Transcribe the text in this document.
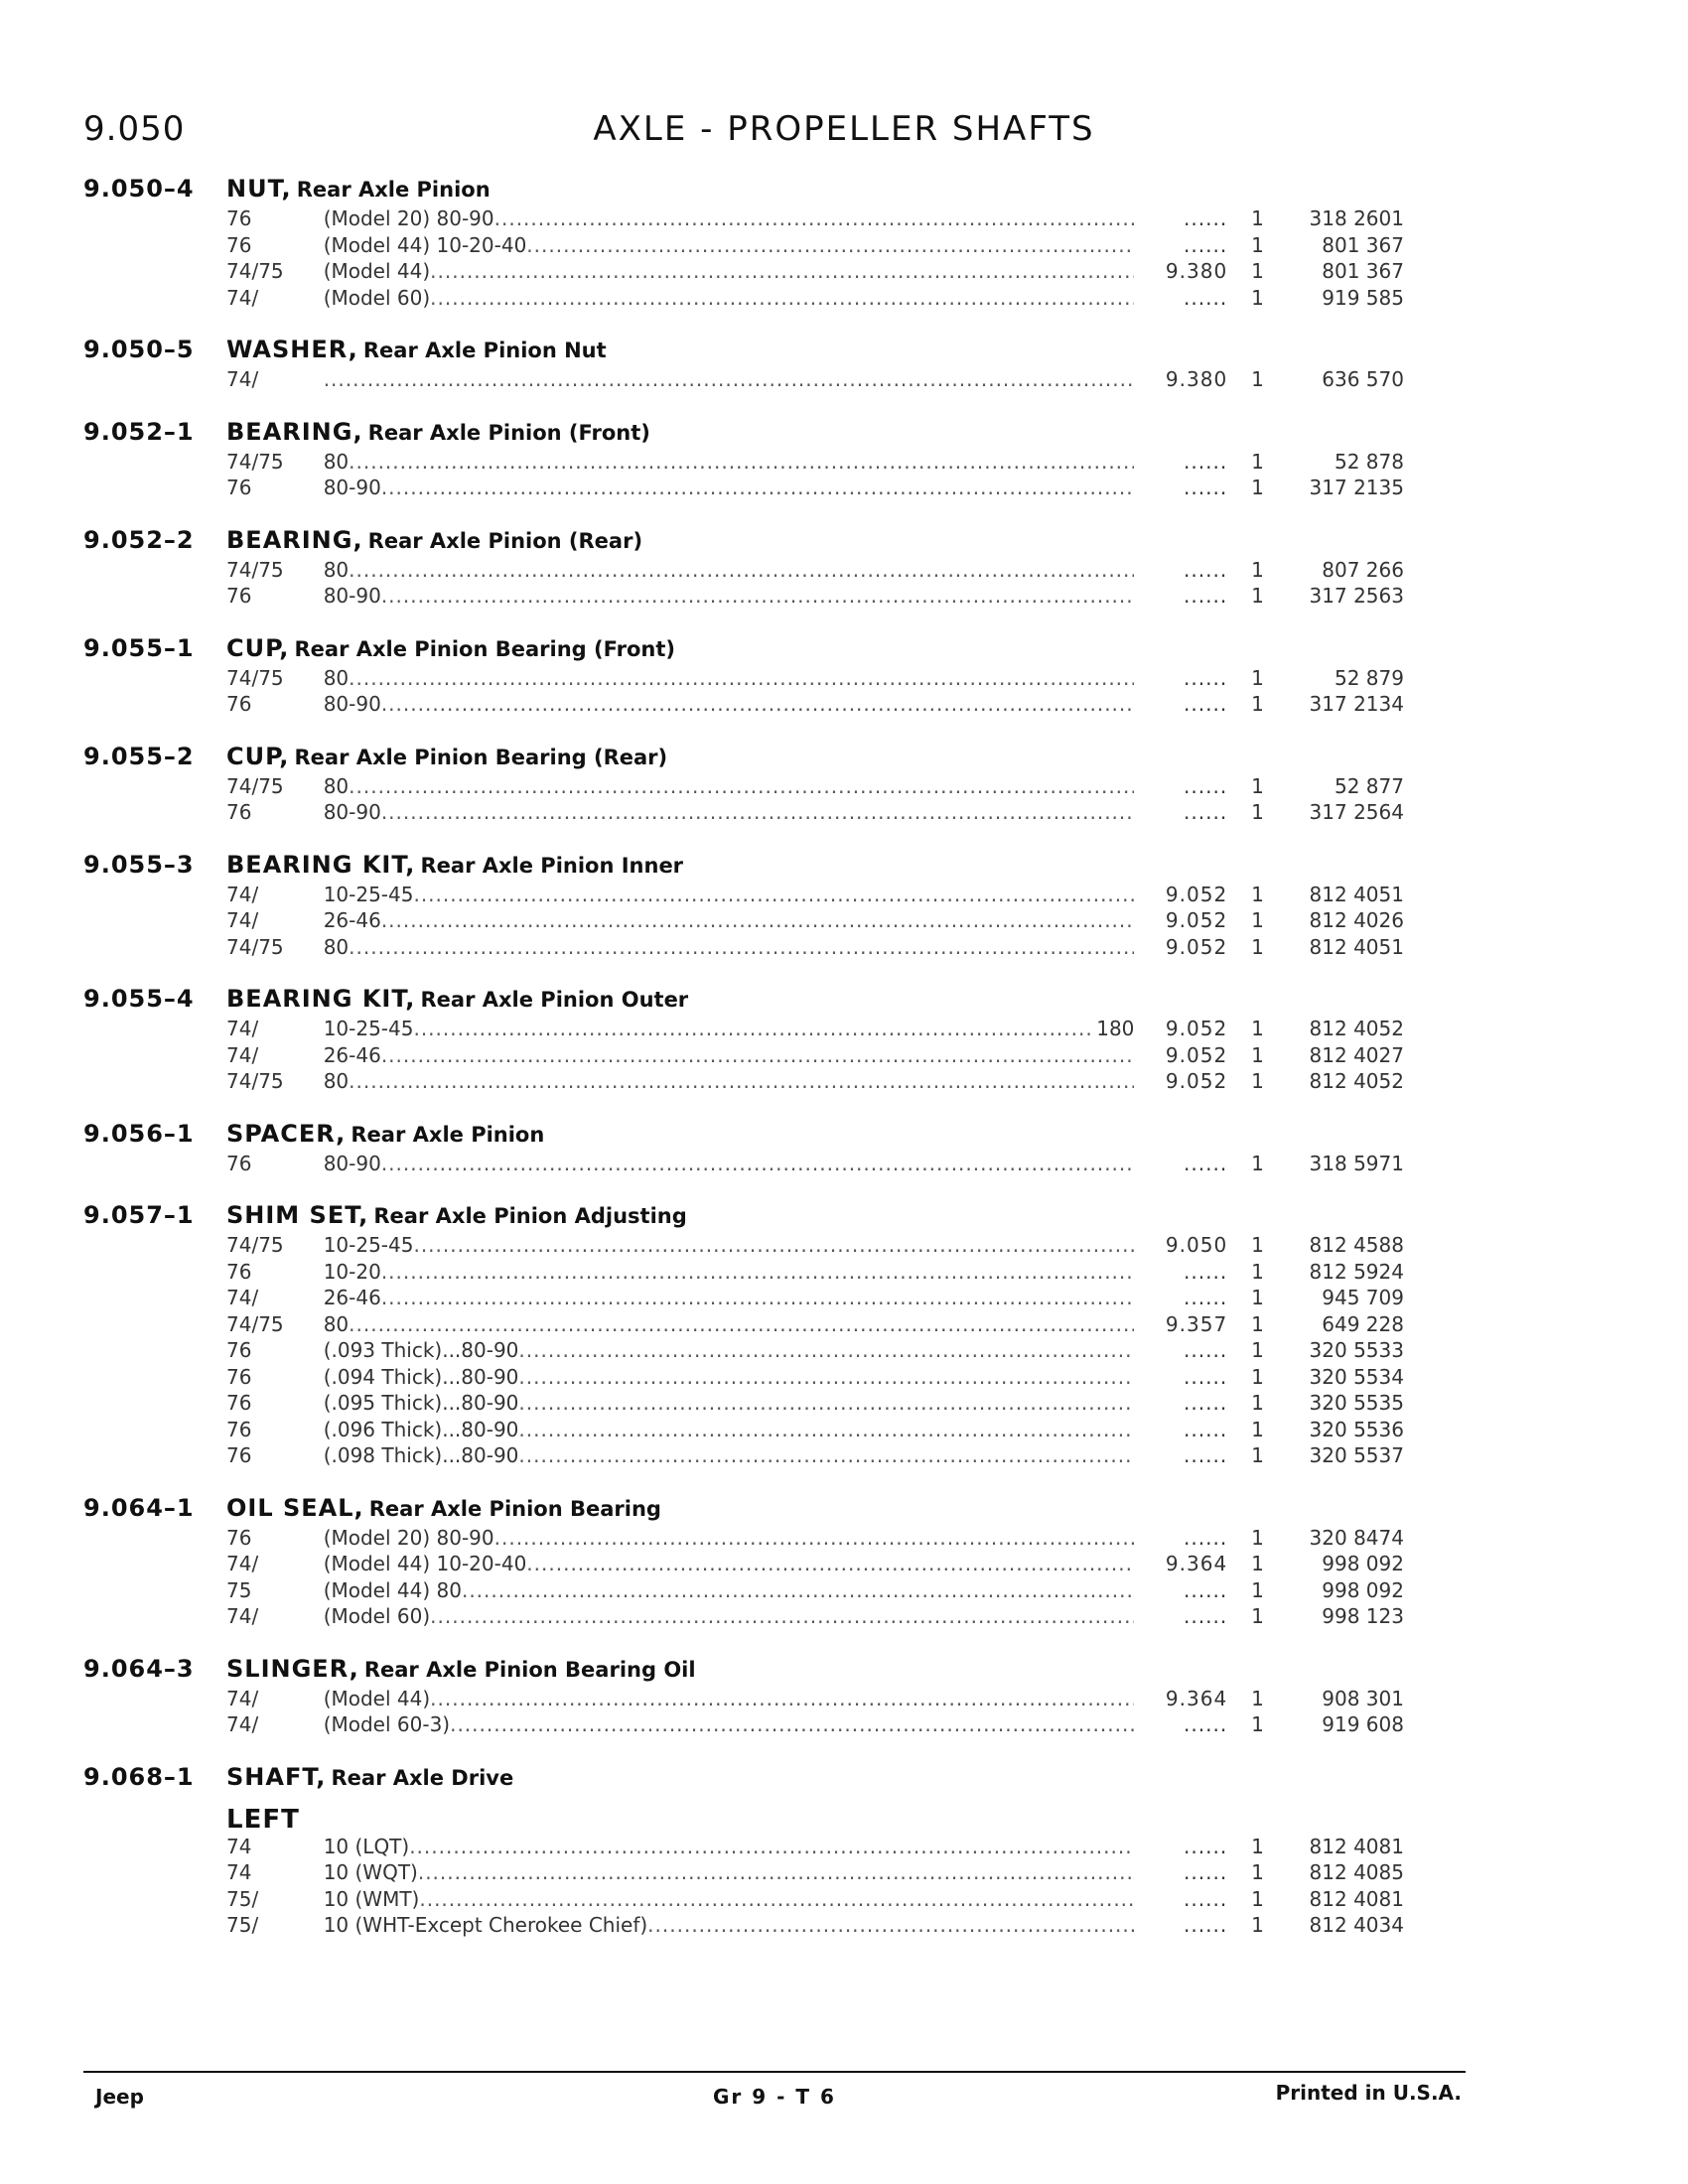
9.050	AXLE - PROPELLER SHAFTS
9.050–4	NUT,
Rear Axle Pinion
76	(Model 20) 80-90 .....	......	1	318 2601
76	(Model 44) 10-20-40 .....	......	1	801 367
74/75	(Model 44) .....	9.380	1	801 367
74/	(Model 60) .....	......	1	919 585
9.050–5	WASHER,
Rear Axle Pinion Nut
74/ .....	9.380	1	636 570
9.052–1	BEARING,
Rear Axle Pinion (Front)
74/75	80 .....	......	1	52 878
76	80-90 .....	......	1	317 2135
9.052–2	BEARING,
Rear Axle Pinion (Rear)
74/75	80 .....	......	1	807 266
76	80-90 .....	......	1	317 2563
9.055–1	CUP,
Rear Axle Pinion Bearing (Front)
74/75	80 .....	......	1	52 879
76	80-90 .....	......	1	317 2134
9.055–2	CUP,
Rear Axle Pinion Bearing (Rear)
74/75	80 .....	......	1	52 877
76	80-90 .....	......	1	317 2564
9.055–3	BEARING KIT,
Rear Axle Pinion Inner
74/	10-25-45 .....	9.052	1	812 4051
74/	26-46 .....	9.052	1	812 4026
74/75	80 .....	9.052	1	812 4051
9.055–4	BEARING KIT,
Rear Axle Pinion Outer
74/	10-25-45 .....	180	9.052	1	812 4052
74/	26-46 .....	9.052	1	812 4027
74/75	80 .....	9.052	1	812 4052
9.056–1	SPACER,
Rear Axle Pinion
76	80-90 .....	......	1	318 5971
9.057–1	SHIM SET,
Rear Axle Pinion Adjusting
74/75	10-25-45 .....	9.050	1	812 4588
76	10-20 .....	......	1	812 5924
74/	26-46 .....	......	1	945 709
74/75	80 .....	9.357	1	649 228
76	(.093 Thick)...80-90 .....	......	1	320 5533
76	(.094 Thick)...80-90 .....	......	1	320 5534
76	(.095 Thick)...80-90 .....	......	1	320 5535
76	(.096 Thick)...80-90 .....	......	1	320 5536
76	(.098 Thick)...80-90 .....	......	1	320 5537
9.064–1	OIL SEAL,
Rear Axle Pinion Bearing
76	(Model 20) 80-90 .....	......	1	320 8474
74/	(Model 44) 10-20-40 .....	9.364	1	998 092
75	(Model 44) 80 .....	......	1	998 092
74/	(Model 60) .....	......	1	998 123
9.064–3	SLINGER,
Rear Axle Pinion Bearing Oil
74/	(Model 44) .....	9.364	1	908 301
74/	(Model 60-3) .....	......	1	919 608
9.068–1	SHAFT,
Rear Axle Drive
LEFT
74	10 (LQT) .....	......	1	812 4081
74	10 (WQT) .....	......	1	812 4085
75/	10 (WMT) .....	......	1	812 4081
75/	10 (WHT-Except Cherokee Chief) .....	......	1	812 4034
Jeep	Gr 9 - T 6	Printed in U.S.A.
